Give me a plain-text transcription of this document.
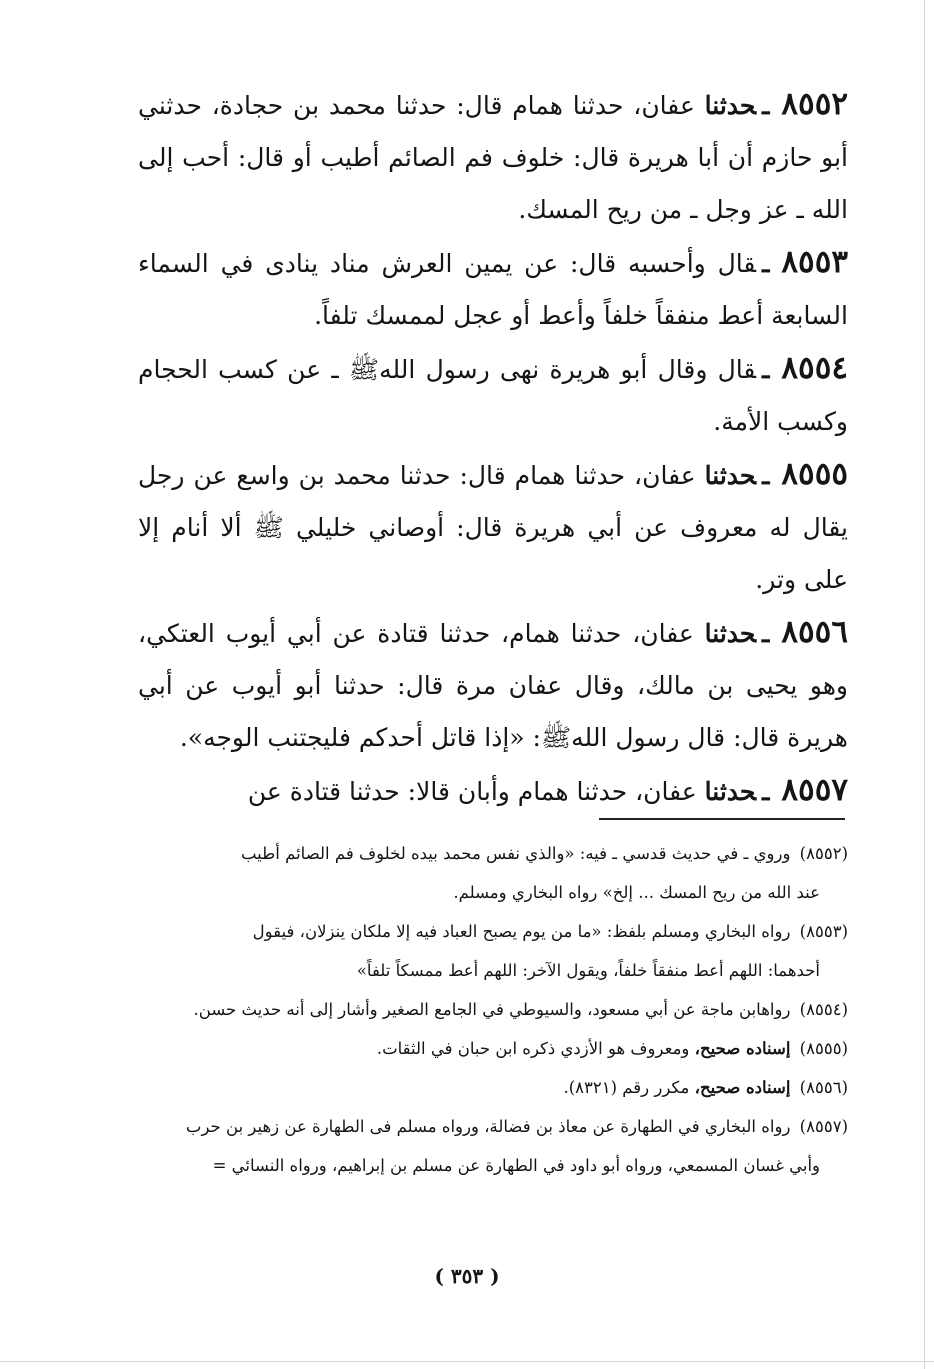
٨٥٥٢ـحدثنا عفان، حدثنا همام قال: حدثنا محمد بن حجادة، حدثني أبو حازم أن أبا هريرة قال: خلوف فم الصائم أطيب أو قال: أحب إلى الله ـ عز وجل ـ من ريح المسك.

٨٥٥٣ـقال وأحسبه قال: عن يمين العرش مناد ينادى في السماء السابعة أعط منفقاً خلفاً وأعط أو عجل لممسك تلفاً.

٨٥٥٤ـقال وقال أبو هريرة نهى رسول اللهﷺ ـ عن كسب الحجام وكسب الأمة.

٨٥٥٥ـحدثنا عفان، حدثنا همام قال: حدثنا محمد بن واسع عن رجل يقال له معروف عن أبي هريرة قال: أوصاني خليلي ﷺ ألا أنام إلا على وتر.

٨٥٥٦ـحدثنا عفان، حدثنا همام، حدثنا قتادة عن أبي أيوب العتكي، وهو يحيى بن مالك، وقال عفان مرة قال: حدثنا أبو أيوب عن أبي هريرة قال: قال رسول اللهﷺ: «إذا قاتل أحدكم فليجتنب الوجه».

٨٥٥٧ـحدثنا عفان، حدثنا همام وأبان قالا: حدثنا قتادة عن

(٨٥٥٢) وروي ـ في حديث قدسي ـ فيه: «والذي نفس محمد بيده لخلوف فم الصائم أطيب
عند الله من ريح المسك ... إلخ» رواه البخاري ومسلم.

(٨٥٥٣) رواه البخاري ومسلم بلفظ: «ما من يوم يصبح العباد فيه إلا ملكان ينزلان، فيقول
أحدهما: اللهم أعط منفقاً خلفاً، ويقول الآخر: اللهم أعط ممسكاً تلفاً»

(٨٥٥٤) رواهابن ماجة عن أبي مسعود، والسيوطي في الجامع الصغير وأشار إلى أنه حديث حسن.

(٨٥٥٥) إسناده صحيح، ومعروف هو الأزدي ذكره ابن حبان في الثقات.

(٨٥٥٦) إسناده صحيح، مكرر رقم (٨٣٢١).

(٨٥٥٧) رواه البخاري في الطهارة عن معاذ بن فضالة، ورواه مسلم فى الطهارة عن زهير بن حرب
وأبي غسان المسمعي، ورواه أبو داود في الطهارة عن مسلم بن إبراهيم، ورواه النسائي =

( ٣٥٣ )
